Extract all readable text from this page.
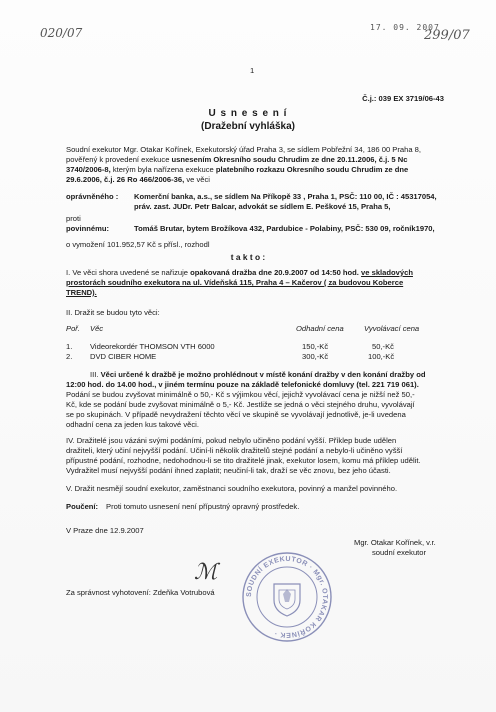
020/07	17. 09. 2007
299/07
1
Č.j.: 039 EX 3719/06-43
U s n e s e n í
(Dražební vyhláška)
Soudní exekutor Mgr. Otakar Kořínek, Exekutorský úřad Praha 3, se sídlem Pobřežní 34, 186 00 Praha 8,
pověřený k provedení exekuce usnesením Okresního soudu Chrudim ze dne 20.11.2006, č.j. 5 Nc
3740/2006-8, kterým byla nařízena exekuce platebního rozkazu Okresního soudu Chrudim ze dne
29.6.2006, č.j. 26 Ro 466/2006-36, ve věci
oprávněného : Komerční banka, a.s., se sídlem Na Příkopě 33 , Praha 1, PSČ: 110 00, IČ : 45317054,
práv. zast. JUDr. Petr Balcar, advokát se sídlem E. Peškové 15, Praha 5,
proti
povinnému:	Tomáš Brutar, bytem Brožíkova 432, Pardubice - Polabiny, PSČ: 530 09, ročník1970,
o vymožení 101.952,57 Kč s přísl., rozhodl
t a k t o :
I. Ve věci shora uvedené se nařizuje opakovaná dražba dne 20.9.2007 od 14:50 hod. ve skladových
prostorách soudního exekutora na ul. Vídeňská 115, Praha 4 – Kačerov ( za budovou Koberce
TREND).
II. Dražit se budou tyto věci:
Poř. Věc	Odhadní cena	Vyvolávací cena
1. Videorekordér THOMSON VTH 6000	150,-Kč	50,-Kč
2. DVD CIBER HOME	300,-Kč	100,-Kč
III. Věci určené k dražbě je možno prohlédnout v místě konání dražby v den konání dražby od
12:00 hod. do 14.00 hod., v jiném termínu pouze na základě telefonické domluvy (tel. 221 719 061).
Podání se budou zvyšovat minimálně o 50,- Kč s výjimkou věcí, jejichž vyvolávací cena je nižší než 50,-
Kč, kde se podání bude zvyšovat minimálně o 5,- Kč. Jestliže se jedná o věci stejného druhu, vyvolávají
se po skupinách. V případě nevydražení těchto věcí ve skupině se vyvolávají jednotlivě, je-li uvedena
odhadní cena za jeden kus takové věci.
IV. Dražitelé jsou vázáni svými podáními, pokud nebylo učiněno podání vyšší. Příklep bude udělen
dražiteli, který učiní nejvyšší podání. Učiní-li několik dražitelů stejné podání a nebylo-li učiněno vyšší
přípustné podání, rozhodne, nedohodnou-li se tito dražitelé jinak, exekutor losem, komu má příklep udělit.
Vydražitel musí nejvyšší podání ihned zaplatit; neučiní-li tak, draží se věc znovu, bez jeho účasti.
V. Dražit nesmějí soudní exekutor, zaměstnanci soudního exekutora, povinný a manžel povinného.
Poučení: Proti tomuto usnesení není přípustný opravný prostředek.
V Praze dne 12.9.2007
Mgr. Otakar Kořínek, v.r.
soudní exekutor
SOUDNÍ EXEKUTOR · Mgr. OTAKAR KOŘÍNEK ·
ℳ
Za správnost vyhotovení: Zdeňka Votrubová
